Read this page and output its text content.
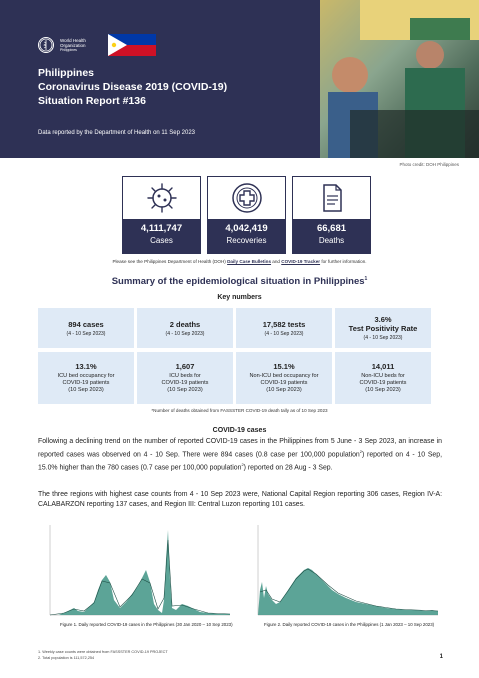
World Health
Organization
Philippines
Philippines
Coronavirus Disease 2019 (COVID-19)
Situation Report #136
Data reported by the Department of Health on 11 Sep 2023
Photo credit: DOH Philippines
4,111,747
Cases
4,042,419
Recoveries
66,681
Deaths
Please see the Philippines Department of Health (DOH) Daily Case Bulletins and COVID-19 Tracker for further information.
Summary of the epidemiological situation in Philippines$^1$
Key numbers
894 cases
(4 - 10 Sep 2023)
2 deaths
(4 - 10 Sep 2023)
17,582 tests
(4 - 10 Sep 2023)
3.6%
Test Positivity Rate
(4 - 10 Sep 2023)
13.1%
ICU bed occupancy for
COVID-19 patients
(10 Sep 2023)
1,607
ICU beds for
COVID-19 patients
(10 Sep 2023)
15.1%
Non-ICU bed occupancy for
COVID-19 patients
(10 Sep 2023)
14,011
Non-ICU beds for
COVID-19 patients
(10 Sep 2023)
*Number of deaths obtained from FASSSTER COVID-19 death tally as of 10 Sep 2023
COVID-19 cases
Following a declining trend on the number of reported COVID-19 cases in the Philippines from 5 June - 3 Sep 2023, an increase in reported cases was observed on 4 - 10 Sep. There were 894 cases (0.8 case per 100,000 population$^2$) reported on 4 - 10 Sep, 15.0% higher than the 780 cases (0.7 case per 100,000 population$^2$) reported on 28 Aug - 3 Sep.
The three regions with highest case counts from 4 - 10 Sep 2023 were, National Capital Region reporting 306 cases, Region IV-A: CALABARZON reporting 137 cases, and Region III: Central Luzon reporting 101 cases.
Figure 1. Daily reported COVID-19 cases in the Philippines (30 Jan 2020 – 10 Sep 2023)	Figure 2. Daily reported COVID-19 cases in the Philippines (1 Jan 2023 – 10 Sep 2023)
1. Weekly case counts were obtained from FASSSTER COVID-19 PROJECT
2. Total population is 111,572,254	1
